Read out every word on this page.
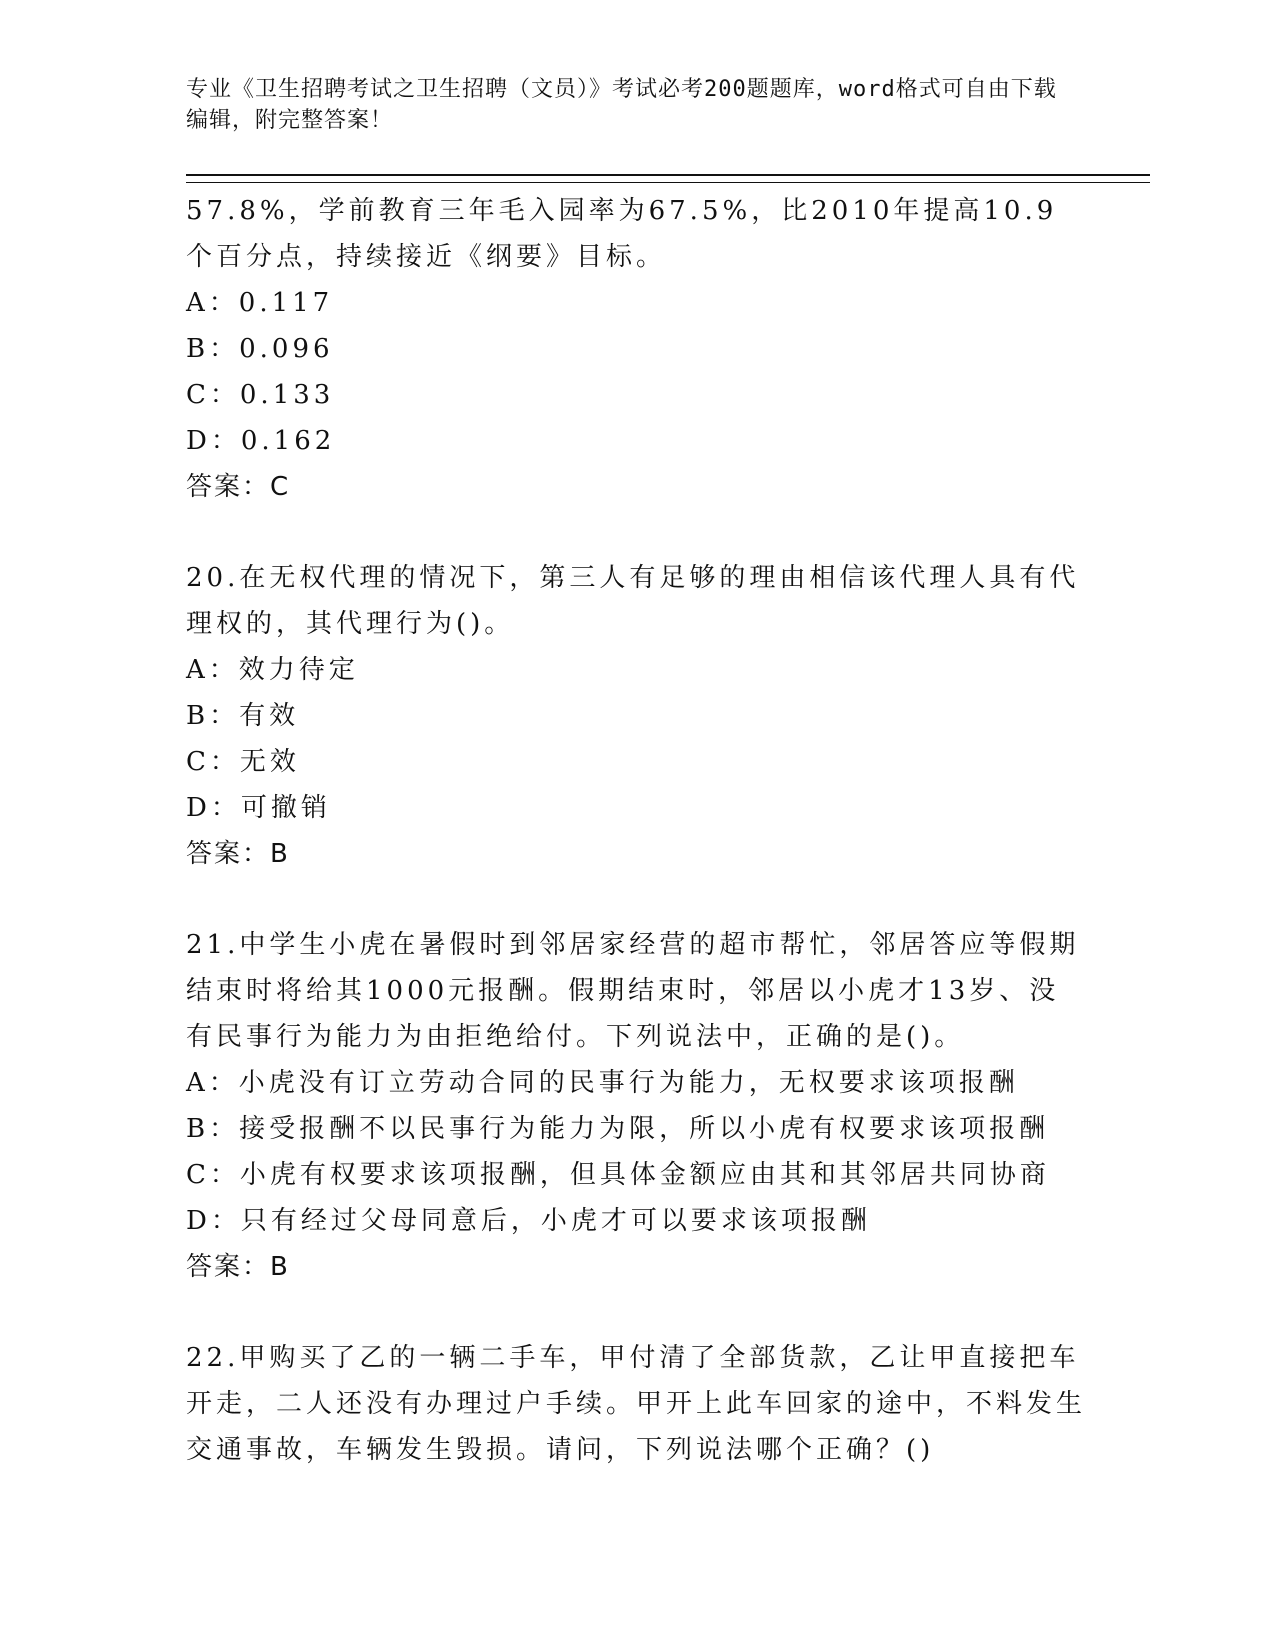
专业《卫生招聘考试之卫生招聘（文员）》考试必考200题题库，word格式可自由下载编辑，附完整答案！

57.8%，学前教育三年毛入园率为67.5%，比2010年提高10.9个百分点，持续接近《纲要》目标。

A：0.117

B：0.096

C：0.133

D：0.162

答案：C

20.在无权代理的情况下，第三人有足够的理由相信该代理人具有代理权的，其代理行为()。

A：效力待定

B：有效

C：无效

D：可撤销

答案：B

21.中学生小虎在暑假时到邻居家经营的超市帮忙，邻居答应等假期结束时将给其1000元报酬。假期结束时，邻居以小虎才13岁、没有民事行为能力为由拒绝给付。下列说法中，正确的是()。

A：小虎没有订立劳动合同的民事行为能力，无权要求该项报酬

B：接受报酬不以民事行为能力为限，所以小虎有权要求该项报酬

C：小虎有权要求该项报酬，但具体金额应由其和其邻居共同协商

D：只有经过父母同意后，小虎才可以要求该项报酬

答案：B

22.甲购买了乙的一辆二手车，甲付清了全部货款，乙让甲直接把车开走，二人还没有办理过户手续。甲开上此车回家的途中，不料发生交通事故，车辆发生毁损。请问，下列说法哪个正确？()
